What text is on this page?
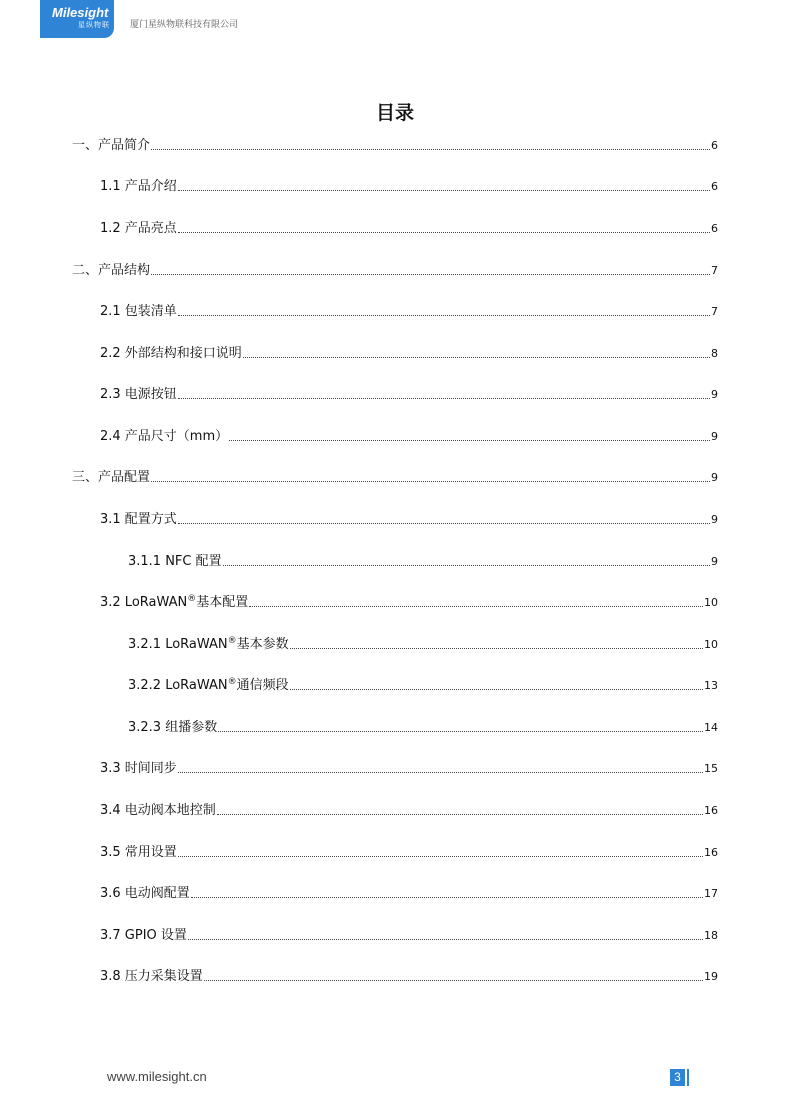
Milesight
星纵物联	厦门星纵物联科技有限公司
目录
一、产品简介	6
1.1 产品介绍	6
1.2 产品亮点	6
二、产品结构	7
2.1 包装清单	7
2.2 外部结构和接口说明	8
2.3 电源按钮	9
2.4 产品尺寸（mm）	9
三、产品配置	9
3.1 配置方式	9
3.1.1 NFC 配置	9
3.2 LoRaWAN®基本配置	10
3.2.1 LoRaWAN®基本参数	10
3.2.2 LoRaWAN®通信频段	13
3.2.3 组播参数	14
3.3 时间同步	15
3.4 电动阀本地控制	16
3.5 常用设置	16
3.6 电动阀配置	17
3.7 GPIO 设置	18
3.8 压力采集设置	19
www.milesight.cn	3
